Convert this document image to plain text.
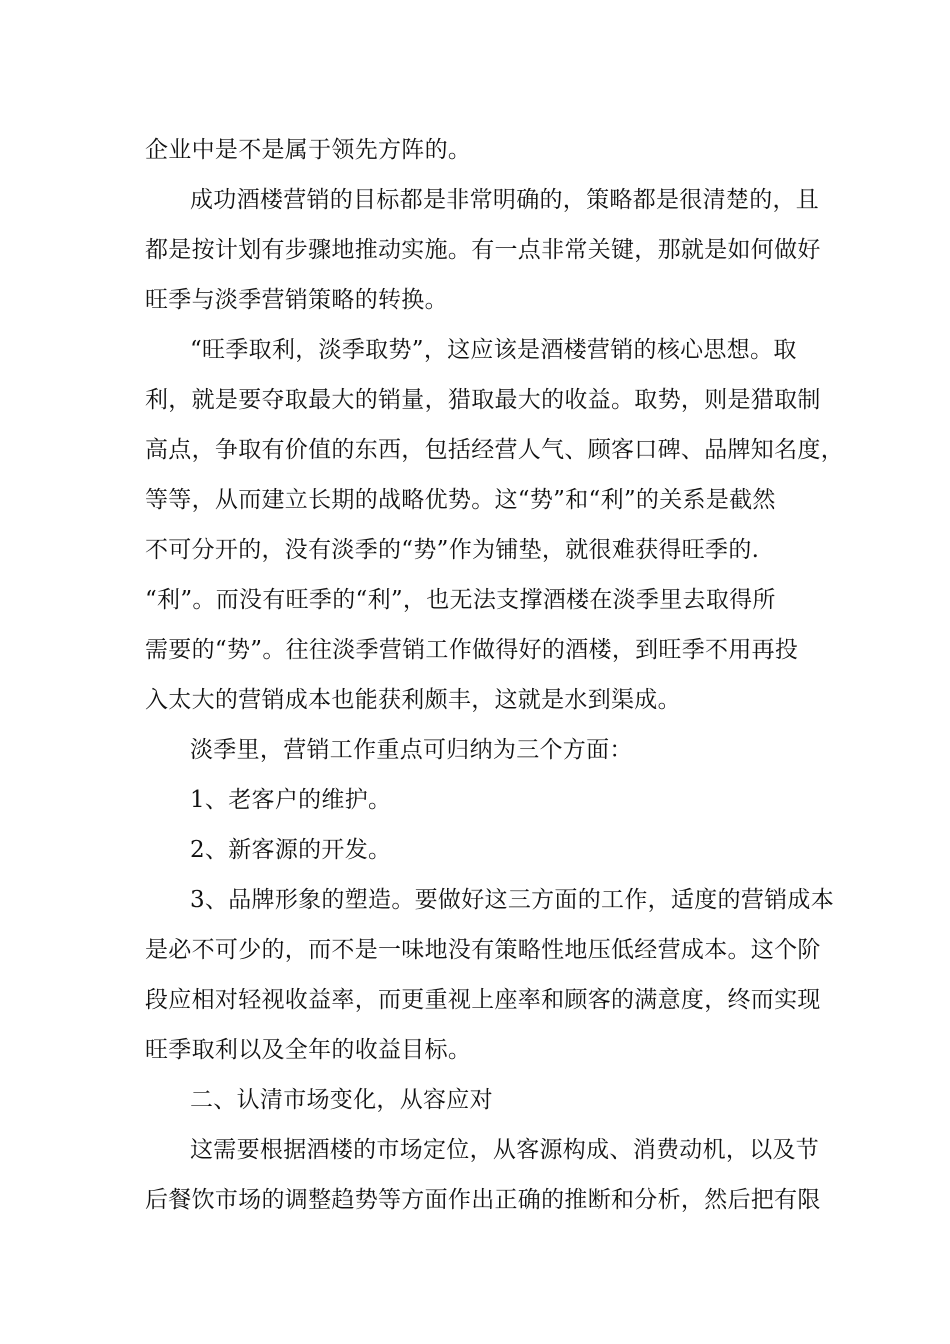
企业中是不是属于领先方阵的。
成功酒楼营销的目标都是非常明确的，策略都是很清楚的，且
都是按计划有步骤地推动实施。有一点非常关键，那就是如何做好
旺季与淡季营销策略的转换。
“旺季取利，淡季取势”，这应该是酒楼营销的核心思想。取
利，就是要夺取最大的销量，猎取最大的收益。取势，则是猎取制
高点，争取有价值的东西，包括经营人气、顾客口碑、品牌知名度，
等等，从而建立长期的战略优势。这“势”和“利”的关系是截然
不可分开的，没有淡季的“势”作为铺垫，就很难获得旺季的.
“利”。而没有旺季的“利”，也无法支撑酒楼在淡季里去取得所
需要的“势”。往往淡季营销工作做得好的酒楼，到旺季不用再投
入太大的营销成本也能获利颇丰，这就是水到渠成。
淡季里，营销工作重点可归纳为三个方面：
1、老客户的维护。
2、新客源的开发。
3、品牌形象的塑造。要做好这三方面的工作，适度的营销成本
是必不可少的，而不是一味地没有策略性地压低经营成本。这个阶
段应相对轻视收益率，而更重视上座率和顾客的满意度，终而实现
旺季取利以及全年的收益目标。
二、认清市场变化，从容应对
这需要根据酒楼的市场定位，从客源构成、消费动机，以及节
后餐饮市场的调整趋势等方面作出正确的推断和分析，然后把有限
